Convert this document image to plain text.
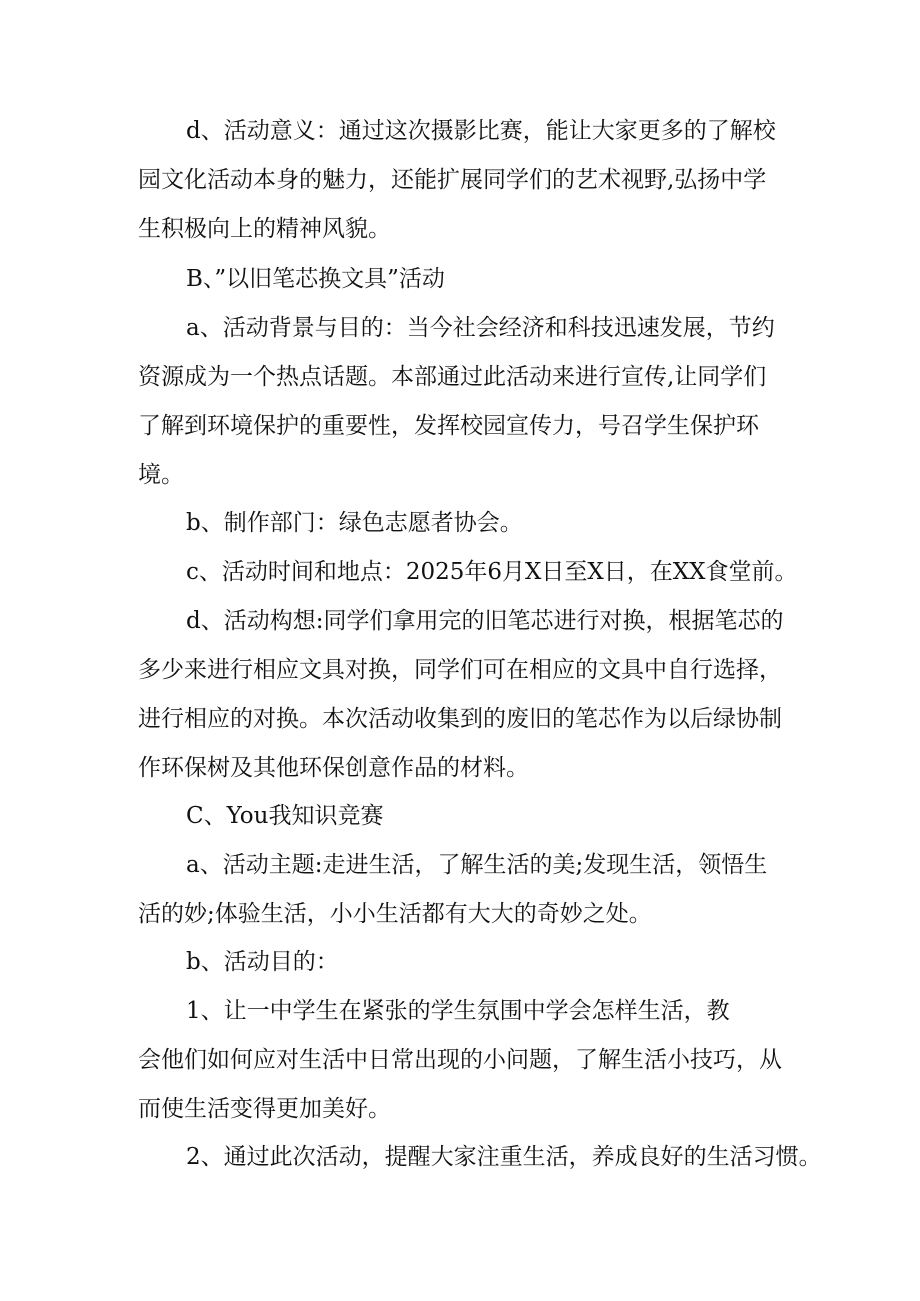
d、活动意义：通过这次摄影比赛，能让大家更多的了解校
园文化活动本身的魅力，还能扩展同学们的艺术视野,弘扬中学
生积极向上的精神风貌。
B、”以旧笔芯换文具”活动
a、活动背景与目的：当今社会经济和科技迅速发展，节约
资源成为一个热点话题。本部通过此活动来进行宣传,让同学们
了解到环境保护的重要性，发挥校园宣传力，号召学生保护环
境。
b、制作部门：绿色志愿者协会。
c、活动时间和地点：2025年6月X日至X日，在XX食堂前。
d、活动构想:同学们拿用完的旧笔芯进行对换，根据笔芯的
多少来进行相应文具对换，同学们可在相应的文具中自行选择，
进行相应的对换。本次活动收集到的废旧的笔芯作为以后绿协制
作环保树及其他环保创意作品的材料。
C、You我知识竞赛
a、活动主题:走进生活，了解生活的美;发现生活，领悟生
活的妙;体验生活，小小生活都有大大的奇妙之处。
b、活动目的：
1、让一中学生在紧张的学生氛围中学会怎样生活，教
会他们如何应对生活中日常出现的小问题，了解生活小技巧，从
而使生活变得更加美好。
2、通过此次活动，提醒大家注重生活，养成良好的生活习惯。
